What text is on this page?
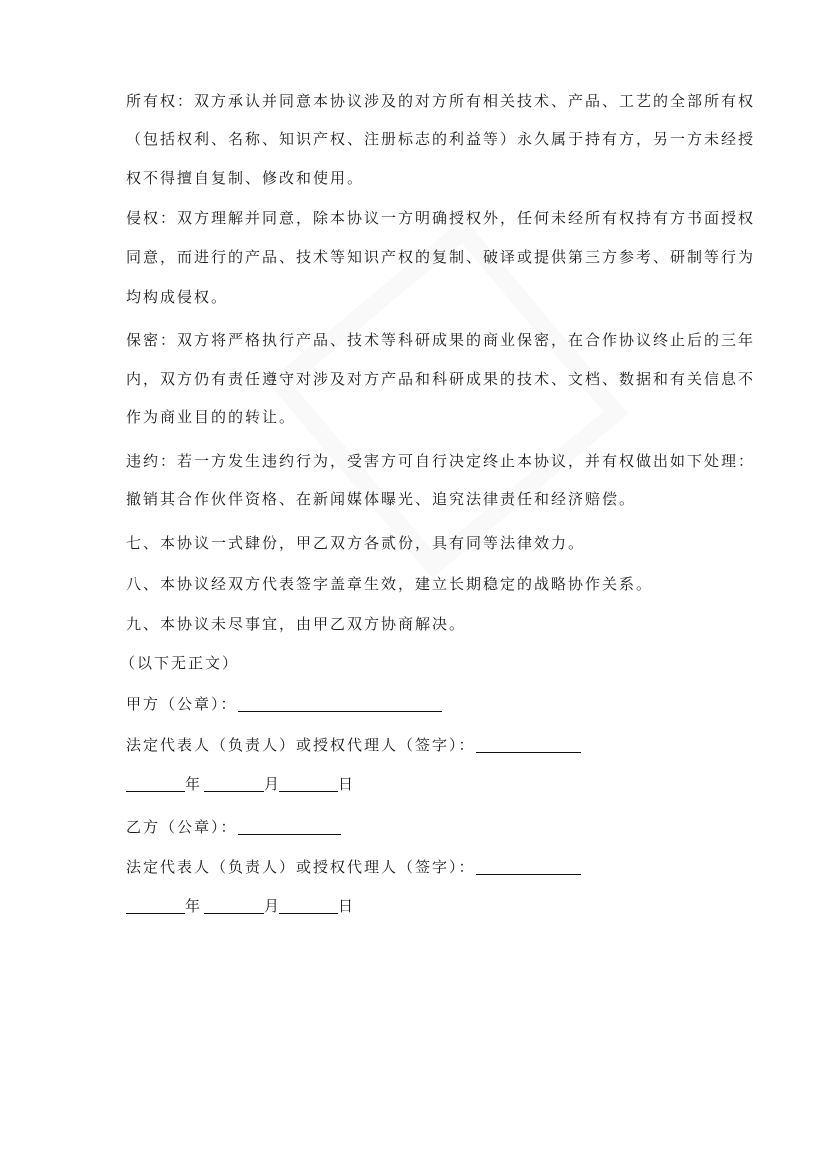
所有权：双方承认并同意本协议涉及的对方所有相关技术、产品、工艺的全部所有权
（包括权利、名称、知识产权、注册标志的利益等）永久属于持有方，另一方未经授
权不得擅自复制、修改和使用。
侵权：双方理解并同意，除本协议一方明确授权外，任何未经所有权持有方书面授权
同意，而进行的产品、技术等知识产权的复制、破译或提供第三方参考、研制等行为
均构成侵权。
保密：双方将严格执行产品、技术等科研成果的商业保密，在合作协议终止后的三年
内，双方仍有责任遵守对涉及对方产品和科研成果的技术、文档、数据和有关信息不
作为商业目的的转让。
违约：若一方发生违约行为，受害方可自行决定终止本协议，并有权做出如下处理：
撤销其合作伙伴资格、在新闻媒体曝光、追究法律责任和经济赔偿。
七、本协议一式肆份，甲乙双方各贰份，具有同等法律效力。
八、本协议经双方代表签字盖章生效，建立长期稳定的战略协作关系。
九、本协议未尽事宜，由甲乙双方协商解决。
（以下无正文）
甲方（公章）：
法定代表人（负责人）或授权代理人（签字）：
年	月	日
乙方（公章）：
法定代表人（负责人）或授权代理人（签字）：
年	月	日
